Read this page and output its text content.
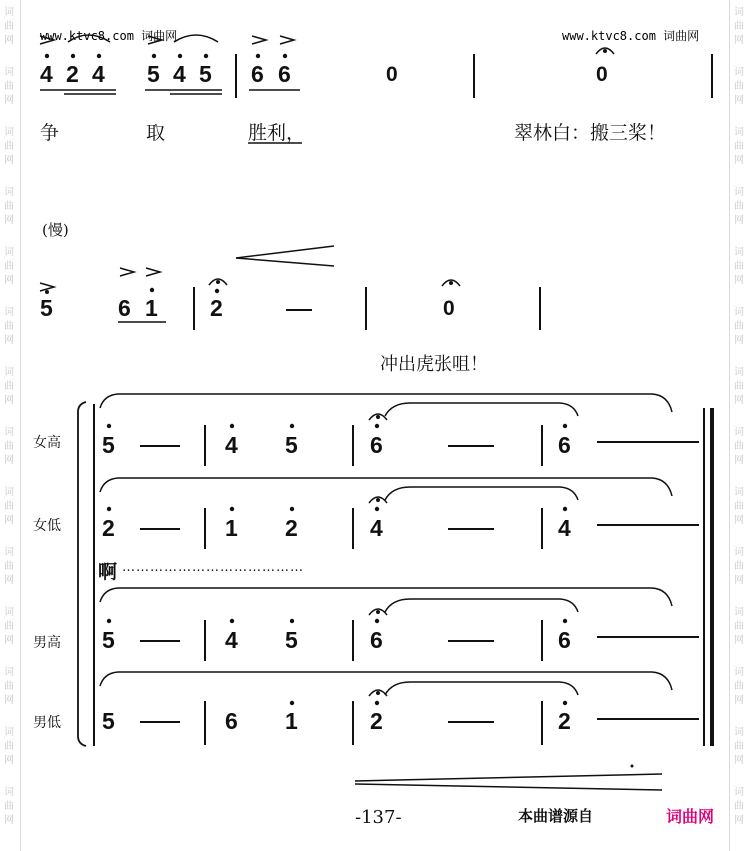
词
曲
网
词
曲
网
词
曲
网
词
曲
网
词
曲
网
词
曲
网
词
曲
网
词
曲
网
词
曲
网
词
曲
网
词
曲
网
词
曲
网
词
曲
网
词
曲
网
词
曲
网
词
曲
网
词
曲
网
词
曲
网
词
曲
网
词
曲
网
词
曲
网
词
曲
网
词
曲
网
词
曲
网
词
曲
网
词
曲
网
词
曲
网
词
曲
网
www.ktvc8.com 词曲网	www.ktvc8.com 词曲网
4 2 4 5 4 5 6 6	0	0
争	取	胜利，	翠林白：搬三桨！
(慢)
5	6 1 2	0
冲出虎张咀！
女高
女低
男高
男低
5	4 5	6	6
2	1 2	4	4
啊 …………………………………
5	4 5	6	6
5	6 1	2	2
-137-	本曲谱源自	词曲网
